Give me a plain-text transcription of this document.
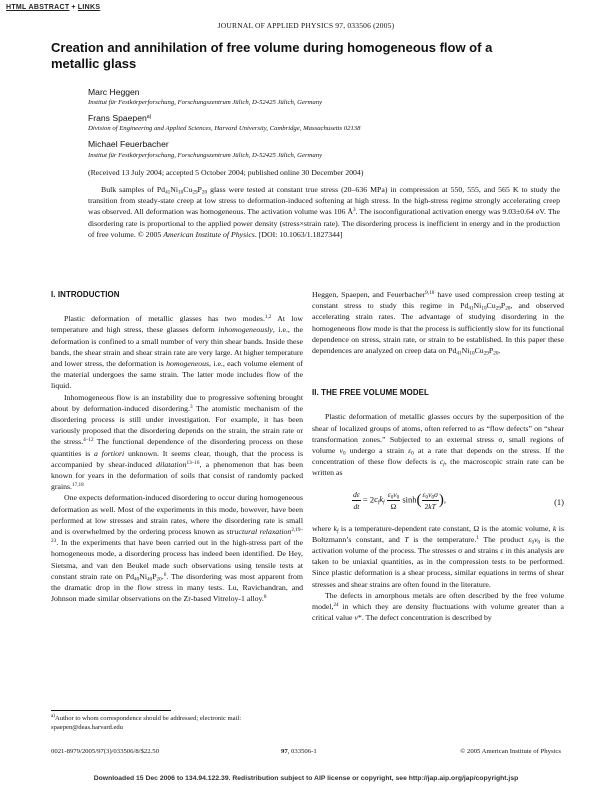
HTML ABSTRACT + LINKS
JOURNAL OF APPLIED PHYSICS 97, 033506 (2005)
Creation and annihilation of free volume during homogeneous flow of a metallic glass
Marc Heggen
Institut für Festkörperforschung, Forschungszentrum Jülich, D-52425 Jülich, Germany
Frans Spaepen$^{a)}$
Division of Engineering and Applied Sciences, Harvard University, Cambridge, Massachusetts 02138
Michael Feuerbacher
Institut für Festkörperforschung, Forschungszentrum Jülich, D-52425 Jülich, Germany
(Received 13 July 2004; accepted 5 October 2004; published online 30 December 2004)
Bulk samples of $Pd_{41}Ni_{10}Cu_{29}P_{20}$ glass were tested at constant true stress (20–636 MPa) in compression at 550, 555, and 565 K to study the transition from steady-state creep at low stress to deformation-induced softening at high stress. In the high-stress regime strongly accelerating creep was observed. All deformation was homogeneous. The activation volume was 106 $Å^3$. The isoconfigurational activation energy was 9.03±0.64 eV. The disordering rate is proportional to the applied power density (stress×strain rate). The disordering process is inefficient in energy and in the production of free volume. © 2005 American Institute of Physics. [DOI: 10.1063/1.1827344]
I. INTRODUCTION

Plastic deformation of metallic glasses has two modes.$^{1,2}$ At low temperature and high stress, these glasses deform inhomogeneously, i.e., the deformation is confined to a small number of very thin shear bands. Inside these bands, the shear strain and shear strain rate are very large. At higher temperature and lower stress, the deformation is homogeneous, i.e., each volume element of the material undergoes the same strain. The latter mode includes flow of the liquid.

Inhomogeneous flow is an instability due to progressive softening brought about by deformation-induced disordering.$^3$ The atomistic mechanism of the disordering process is still under investigation. For example, it has been variously proposed that the disordering depends on the strain, the strain rate or the stress.$^{4-12}$ The functional dependence of the disordering process on these quantities is a fortiori unknown. It seems clear, though, that the process is accompanied by shear-induced dilatation$^{13-16}$, a phenomenon that has been known for years in the deformation of soils that consist of randomly packed grains.$^{17,18}$

One expects deformation-induced disordering to occur during homogeneous deformation as well. Most of the experiments in this mode, however, have been performed at low stresses and strain rates, where the disordering rate is small and is overwhelmed by the ordering process known as structural relaxation$^{2,19-23}$. In the experiments that have been carried out in the high-stress part of the homogeneous mode, a disordering process has indeed been identified. De Hey, Sietsma, and van den Beukel made such observations using tensile tests at constant strain rate on $Pd_{40}Ni_{40}P_{20}.^6$. The disordering was most apparent from the dramatic drop in the flow stress in many tests. Lu, Ravichandran, and Johnson made similar observations on the Zr-based Vitreloy-1 alloy.$^8$

Heggen, Spaepen, and Feuerbacher$^{9,10}$ have used compression creep testing at constant stress to study this regime in $Pd_{41}Ni_{10}Cu_{29}P_{20}$, and observed accelerating strain rates. The advantage of studying disordering in the homogeneous flow mode is that the process is sufficiently slow for its functional dependence on stress, strain rate, or strain to be established. In this paper these dependences are analyzed on creep data on $Pd_{41}Ni_{10}Cu_{29}P_{20}$.

II. THE FREE VOLUME MODEL

Plastic deformation of metallic glasses occurs by the superposition of the shear of localized groups of atoms, often referred to as “flow defects” on “shear transformation zones.” Subjected to an external stress σ, small regions of volume $v_0$ undergo a strain $\varepsilon_0$ at a rate that depends on the stress. If the concentration of these flow defects is $c_f$, the macroscopic strain rate can be written as

$\frac{d\varepsilon}{dt} = 2c_fk_f \frac{\varepsilon_0v_0}{\Omega} \sinh( \frac{\varepsilon_0v_0\sigma}{2kT}$ ),	(1)

where $k_f$ is a temperature-dependent rate constant, Ω is the atomic volume, k is Boltzmann’s constant, and T is the temperature.$^1$ The product $\varepsilon_0v_0$ is the activation volume of the process. The stresses σ and strains ε in this analysis are taken to be uniaxial quantities, as in the compression tests to be performed. Since plastic deformation is a shear process, similar equations in terms of shear stresses and shear strains are often found in the literature.

The defects in amorphous metals are often described by the free volume model,$^{24}$ in which they are density fluctuations with volume greater than a critical value v*. The defect concentration is described by

$^{a)}$Author to whom correspondence should be addressed; electronic mail: spaepen@deas.harvard.edu
0021-8979/2005/97(3)/033506/8/$22.50	97, 033506-1	© 2005 American Institute of Physics
Downloaded 15 Dec 2006 to 134.94.122.39. Redistribution subject to AIP license or copyright, see http://jap.aip.org/jap/copyright.jsp
